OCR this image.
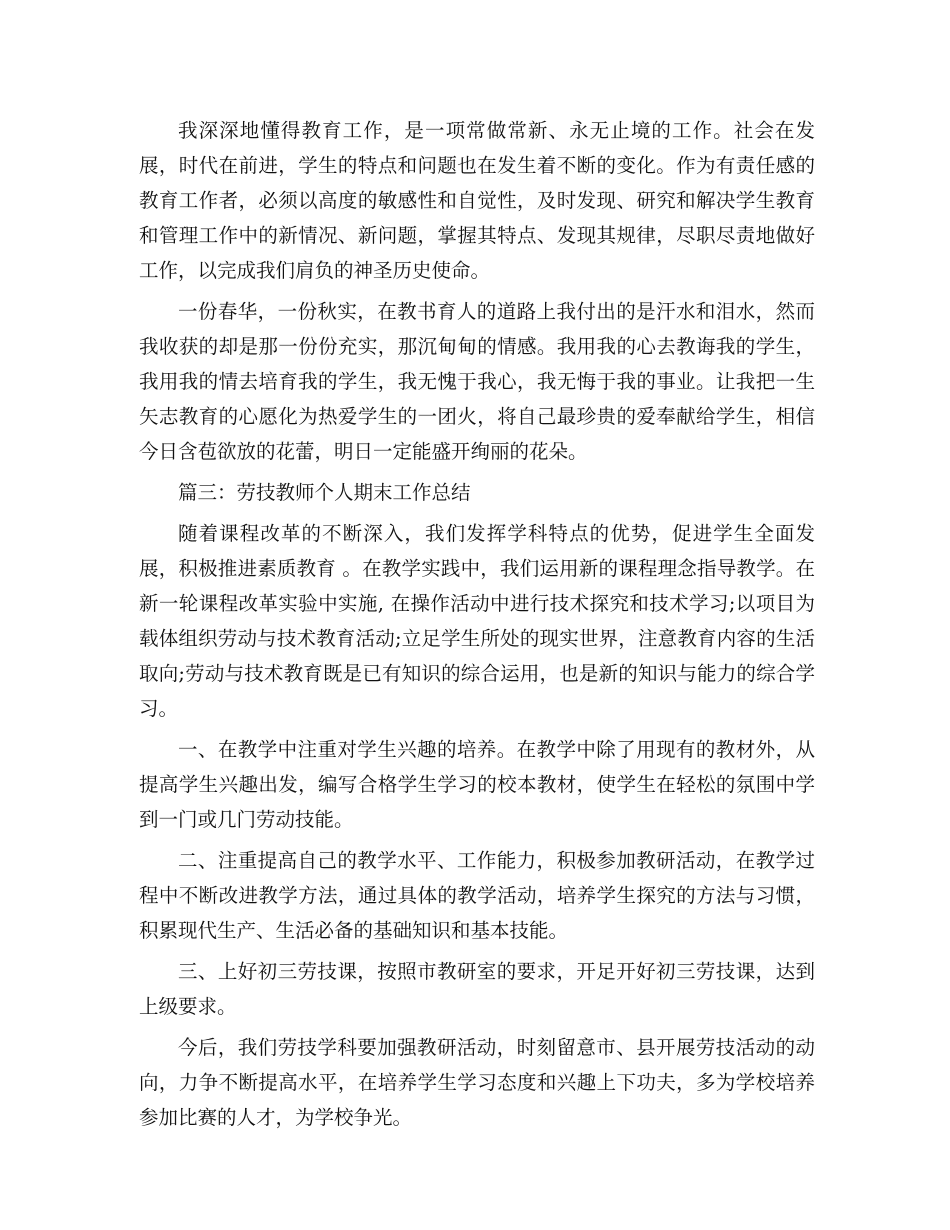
我深深地懂得教育工作，是一项常做常新、永无止境的工作。社会在发展，时代在前进，学生的特点和问题也在发生着不断的变化。作为有责任感的教育工作者，必须以高度的敏感性和自觉性，及时发现、研究和解决学生教育和管理工作中的新情况、新问题，掌握其特点、发现其规律，尽职尽责地做好工作，以完成我们肩负的神圣历史使命。

一份春华，一份秋实，在教书育人的道路上我付出的是汗水和泪水，然而我收获的却是那一份份充实，那沉甸甸的情感。我用我的心去教诲我的学生，我用我的情去培育我的学生，我无愧于我心，我无悔于我的事业。让我把一生矢志教育的心愿化为热爱学生的一团火，将自己最珍贵的爱奉献给学生，相信今日含苞欲放的花蕾，明日一定能盛开绚丽的花朵。

篇三：劳技教师个人期末工作总结

随着课程改革的不断深入，我们发挥学科特点的优势，促进学生全面发展，积极推进素质教育 。在教学实践中，我们运用新的课程理念指导教学。在新一轮课程改革实验中实施, 在操作活动中进行技术探究和技术学习;以项目为载体组织劳动与技术教育活动;立足学生所处的现实世界，注意教育内容的生活取向;劳动与技术教育既是已有知识的综合运用，也是新的知识与能力的综合学习。

一、在教学中注重对学生兴趣的培养。在教学中除了用现有的教材外，从提高学生兴趣出发，编写合格学生学习的校本教材，使学生在轻松的氛围中学到一门或几门劳动技能。

二、注重提高自己的教学水平、工作能力，积极参加教研活动，在教学过程中不断改进教学方法，通过具体的教学活动，培养学生探究的方法与习惯，积累现代生产、生活必备的基础知识和基本技能。

三、上好初三劳技课，按照市教研室的要求，开足开好初三劳技课，达到上级要求。

今后，我们劳技学科要加强教研活动，时刻留意市、县开展劳技活动的动向，力争不断提高水平，在培养学生学习态度和兴趣上下功夫，多为学校培养参加比赛的人才，为学校争光。
